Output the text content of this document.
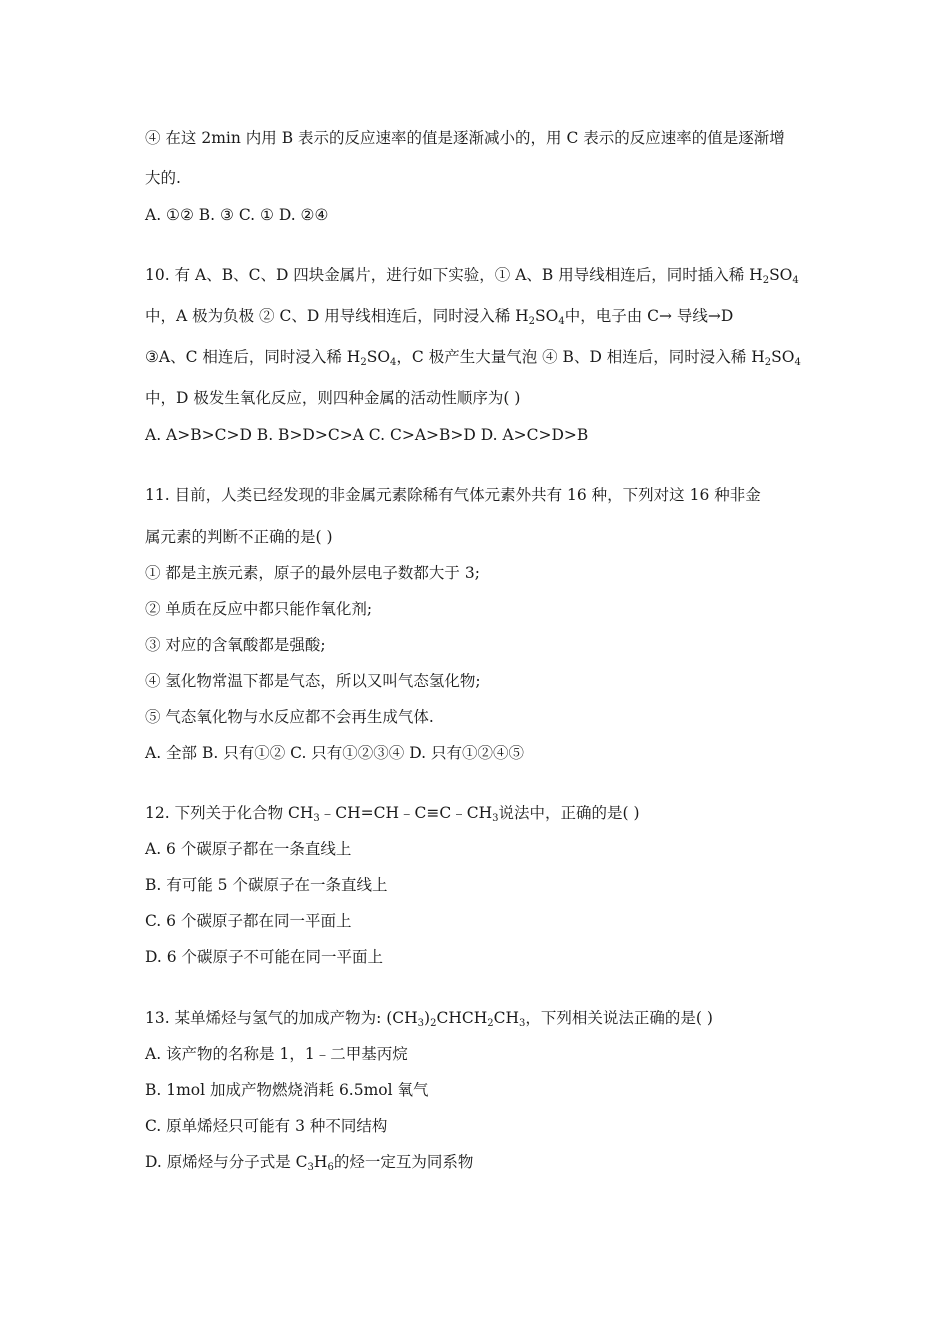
④ 在这 2min 内用 B 表示的反应速率的值是逐渐减小的，用 C 表示的反应速率的值是逐渐增
大的.
A. ①② B. ③ C. ① D. ②④
10. 有 A、B、C、D 四块金属片，进行如下实验，① A、B 用导线相连后，同时插入稀 $H_2SO_4$
中，A 极为负极 ② C、D 用导线相连后，同时浸入稀 $H_2SO_4$中，电子由 C→ 导线→D
③A、C 相连后，同时浸入稀 $H_2SO_4$，C 极产生大量气泡 ④ B、D 相连后，同时浸入稀 $H_2SO_4$
中，D 极发生氧化反应，则四种金属的活动性顺序为( )
A. A>B>C>D B. B>D>C>A C. C>A>B>D D. A>C>D>B
11. 目前，人类已经发现的非金属元素除稀有气体元素外共有 16 种，下列对这 16 种非金
属元素的判断不正确的是( )
① 都是主族元素，原子的最外层电子数都大于 3;
② 单质在反应中都只能作氧化剂;
③ 对应的含氧酸都是强酸;
④ 氢化物常温下都是气态，所以又叫气态氢化物;
⑤ 气态氧化物与水反应都不会再生成气体.
A. 全部 B. 只有①② C. 只有①②③④ D. 只有①②④⑤
12. 下列关于化合物 $CH_3﹣CH=CH﹣C\equiv C﹣CH_3$说法中，正确的是( )
A. 6 个碳原子都在一条直线上
B. 有可能 5 个碳原子在一条直线上
C. 6 个碳原子都在同一平面上
D. 6 个碳原子不可能在同一平面上
13. 某单烯烃与氢气的加成产物为: $(CH_3)_2CHCH_2CH_3$，下列相关说法正确的是( )
A. 该产物的名称是 1，1﹣二甲基丙烷
B. 1mol 加成产物燃烧消耗 6.5mol 氧气
C. 原单烯烃只可能有 3 种不同结构
D. 原烯烃与分子式是 $C_3H_6$的烃一定互为同系物
